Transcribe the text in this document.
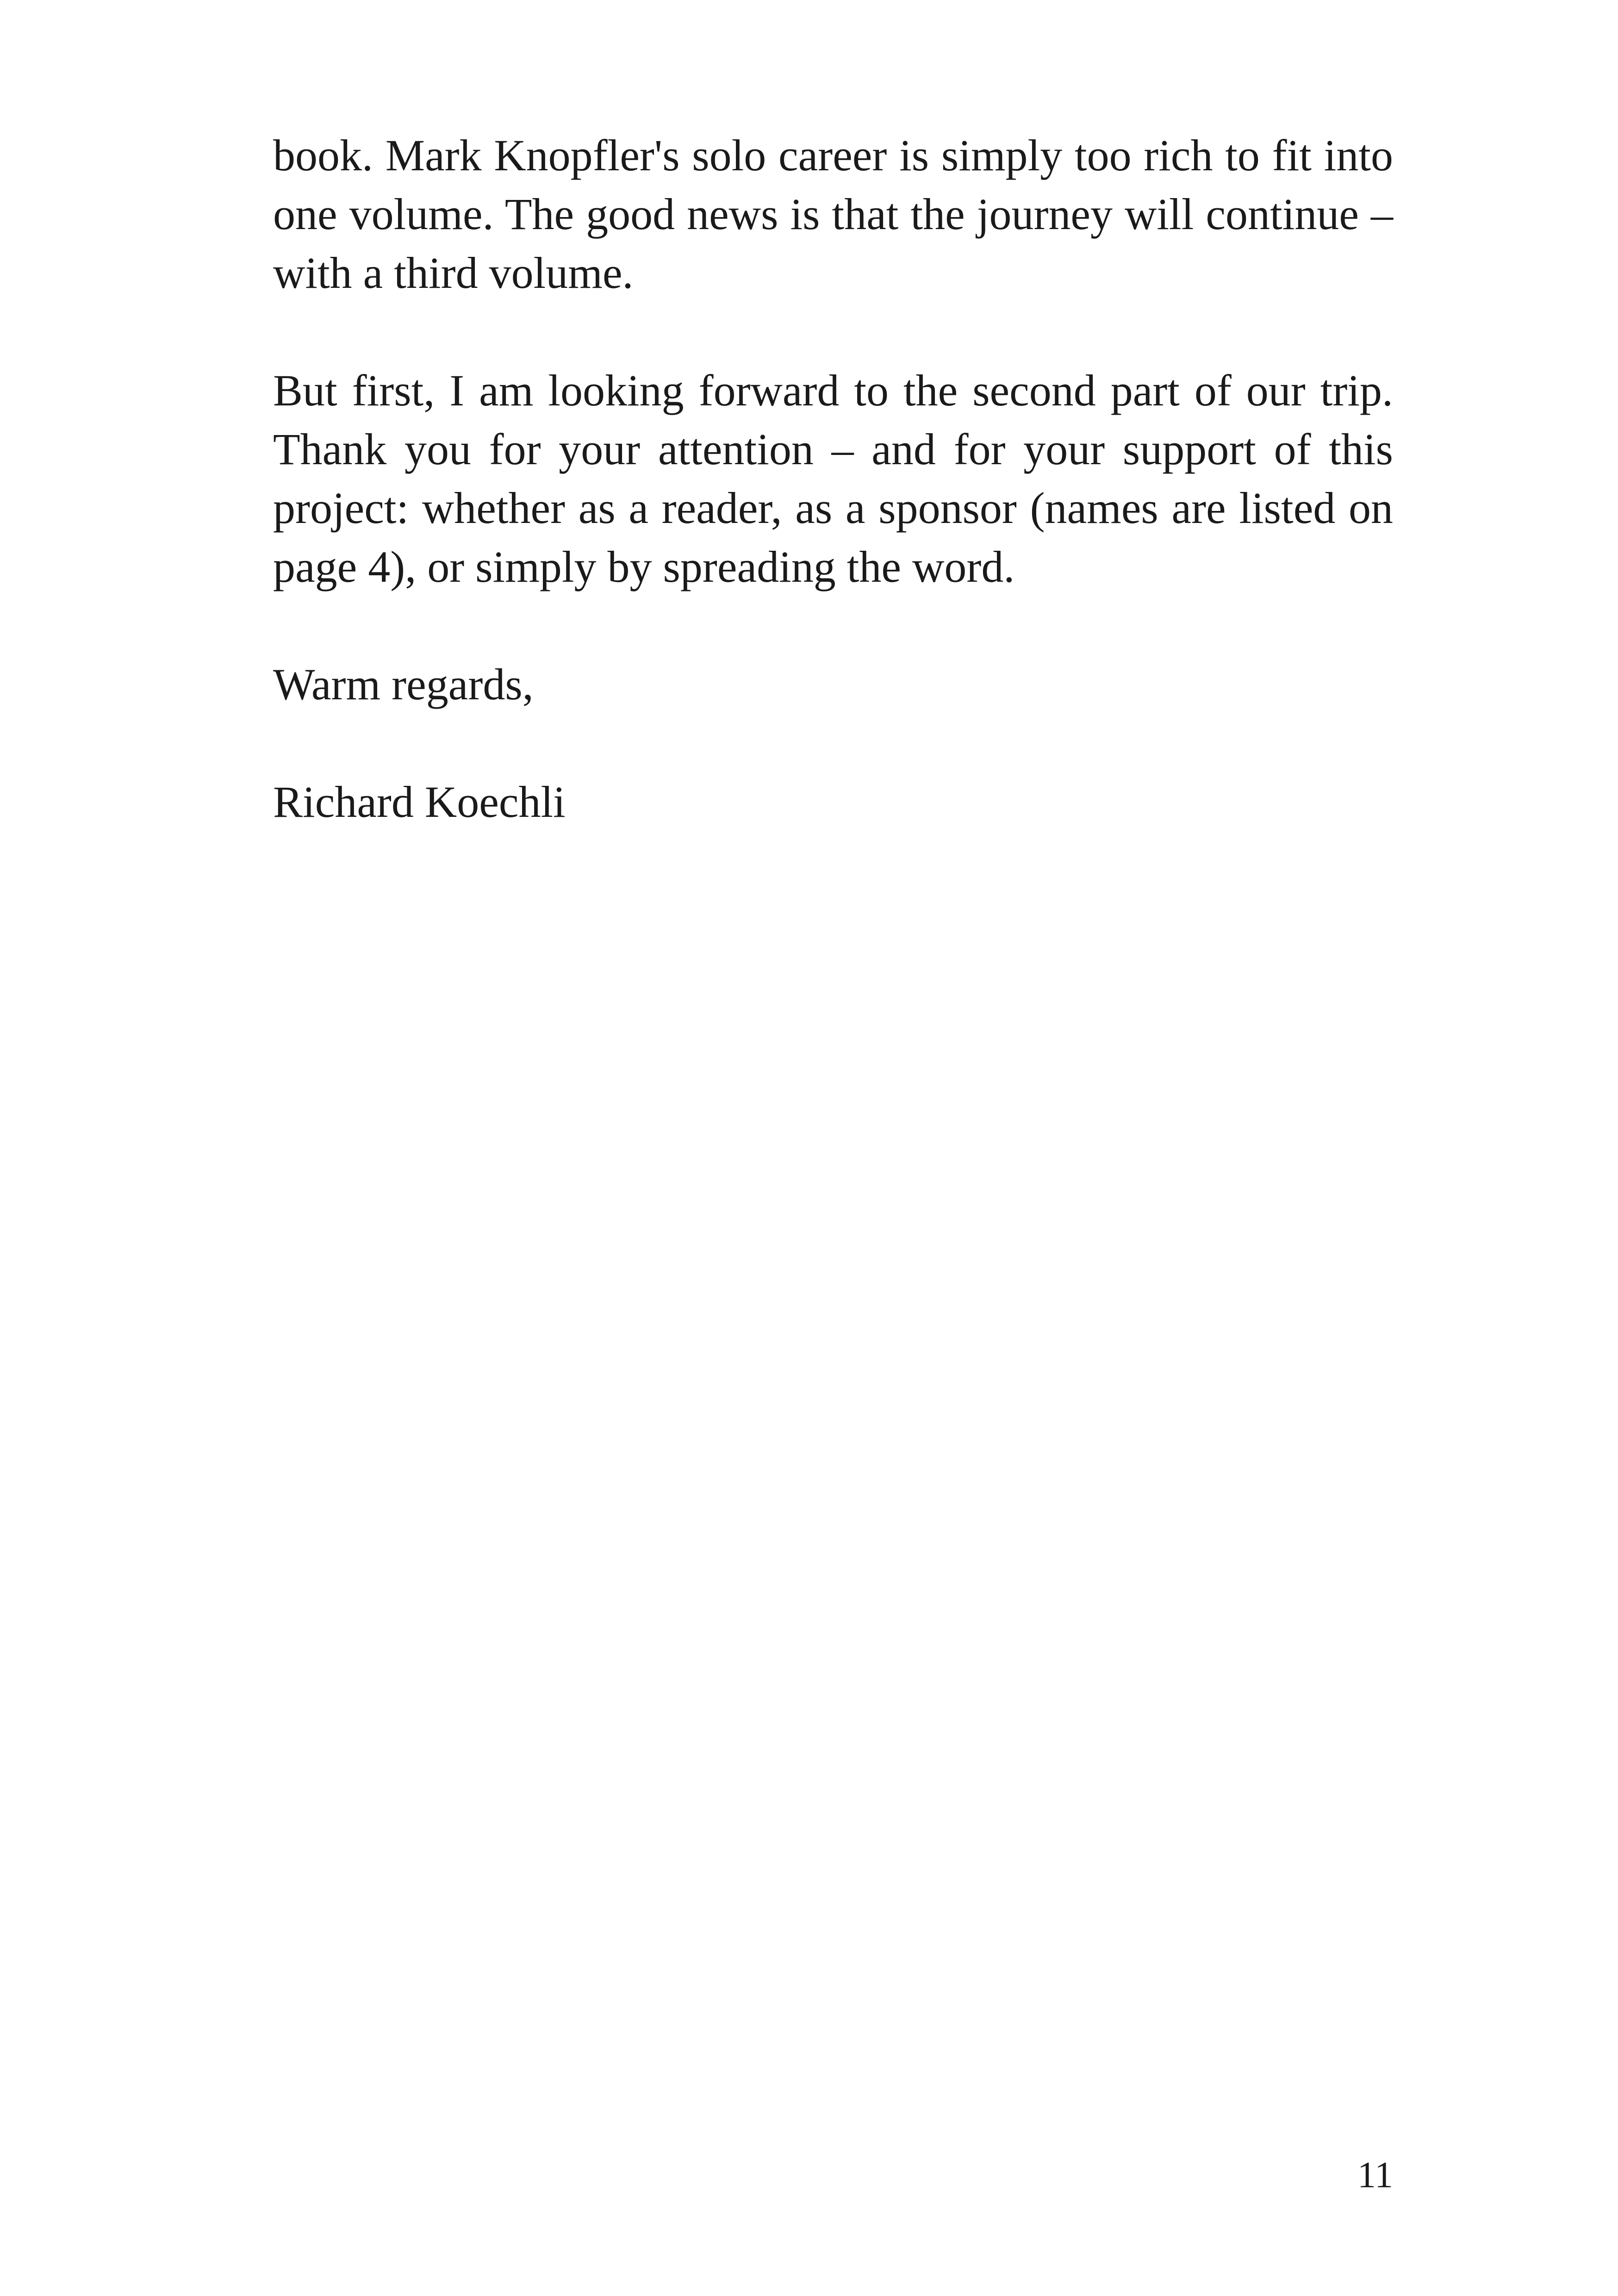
book. Mark Knopfler's solo career is simply too rich to fit into one volume. The good news is that the journey will continue – with a third volume.

But first, I am looking forward to the second part of our trip. Thank you for your attention – and for your support of this project: whether as a reader, as a sponsor (names are listed on page 4), or simply by spreading the word.

Warm regards,

Richard Koechli

11
